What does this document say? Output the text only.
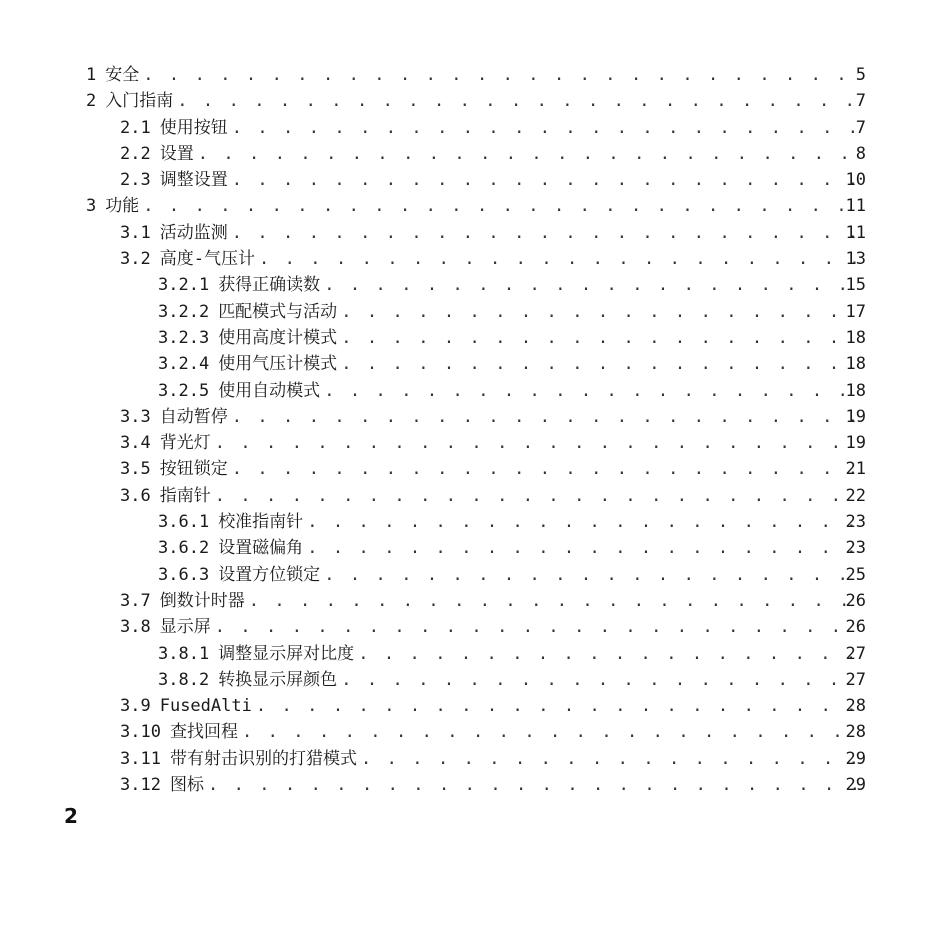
1 安全 . . .	5
2 入门指南 . . .	7
2.1 使用按钮 . . .	7
2.2 设置 . . .	8
2.3 调整设置 . . .	10
3 功能 . . .	11
3.1 活动监测 . . .	11
3.2 高度-气压计 . . .	13
3.2.1 获得正确读数 . . .	15
3.2.2 匹配模式与活动 . . .	17
3.2.3 使用高度计模式 . . .	18
3.2.4 使用气压计模式 . . .	18
3.2.5 使用自动模式 . . .	18
3.3 自动暂停 . . .	19
3.4 背光灯 . . .	19
3.5 按钮锁定 . . .	21
3.6 指南针 . . .	22
3.6.1 校准指南针 . . .	23
3.6.2 设置磁偏角 . . .	23
3.6.3 设置方位锁定 . . .	25
3.7 倒数计时器 . . .	26
3.8 显示屏 . . .	26
3.8.1 调整显示屏对比度 . . .	27
3.8.2 转换显示屏颜色 . . .	27
3.9 FusedAlti . . .	28
3.10 查找回程 . . .	28
3.11 带有射击识别的打猎模式 . . .	29
3.12 图标 . . .	29
2
